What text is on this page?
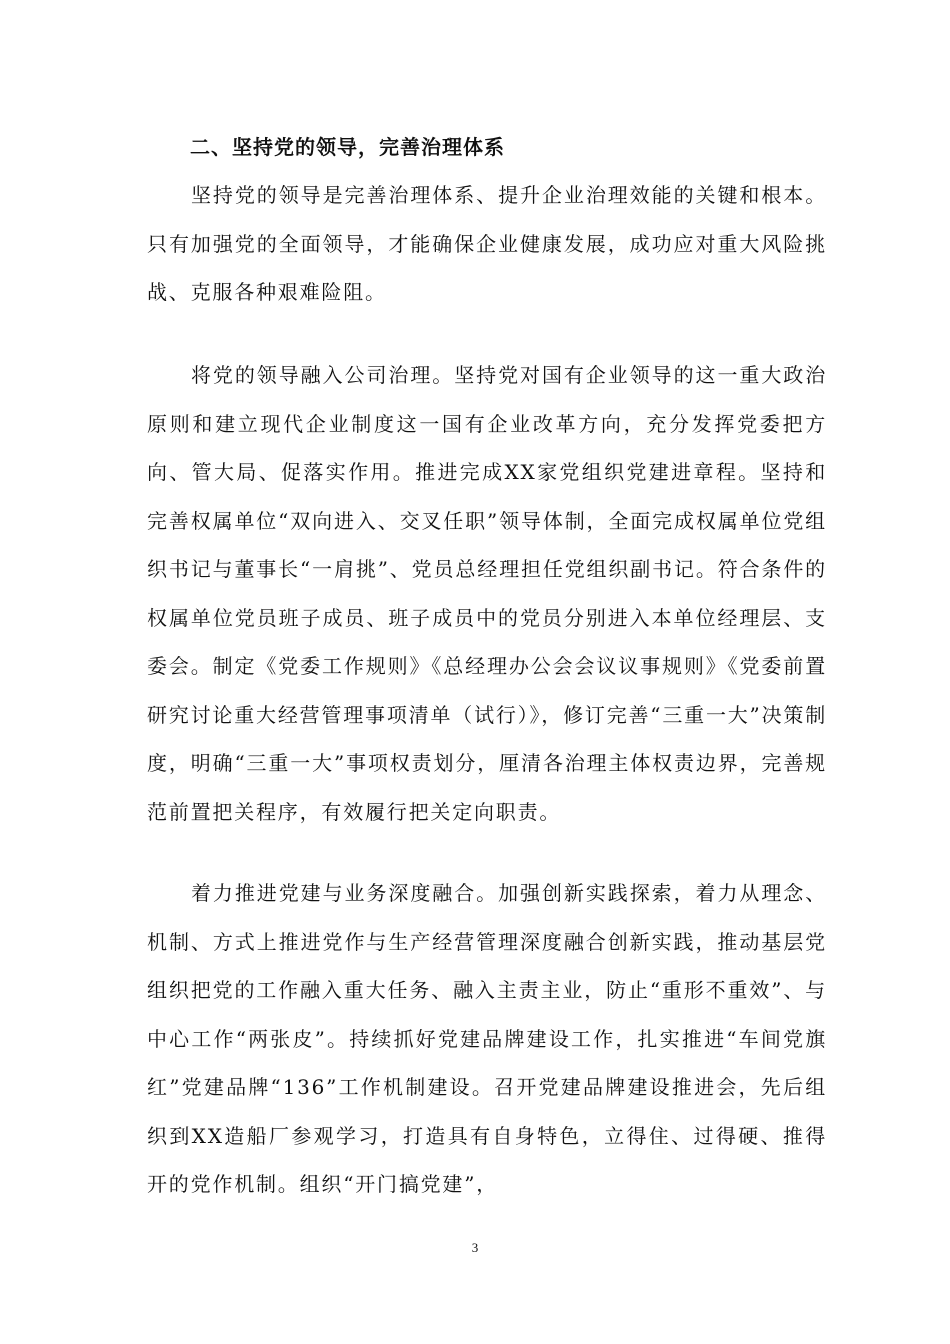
二、坚持党的领导，完善治理体系

坚持党的领导是完善治理体系、提升企业治理效能的关键和根本。只有加强党的全面领导，才能确保企业健康发展，成功应对重大风险挑战、克服各种艰难险阻。

将党的领导融入公司治理。坚持党对国有企业领导的这一重大政治原则和建立现代企业制度这一国有企业改革方向，充分发挥党委把方向、管大局、促落实作用。推进完成XX家党组织党建进章程。坚持和完善权属单位“双向进入、交叉任职”领导体制，全面完成权属单位党组织书记与董事长“一肩挑”、党员总经理担任党组织副书记。符合条件的权属单位党员班子成员、班子成员中的党员分别进入本单位经理层、支委会。制定《党委工作规则》《总经理办公会会议议事规则》《党委前置研究讨论重大经营管理事项清单（试行）》，修订完善“三重一大”决策制度，明确“三重一大”事项权责划分，厘清各治理主体权责边界，完善规范前置把关程序，有效履行把关定向职责。

着力推进党建与业务深度融合。加强创新实践探索，着力从理念、机制、方式上推进党作与生产经营管理深度融合创新实践，推动基层党组织把党的工作融入重大任务、融入主责主业，防止“重形不重效”、与中心工作“两张皮”。持续抓好党建品牌建设工作，扎实推进“车间党旗红”党建品牌“136”工作机制建设。召开党建品牌建设推进会，先后组织到XX造船厂参观学习，打造具有自身特色，立得住、过得硬、推得开的党作机制。组织“开门搞党建”，

3
